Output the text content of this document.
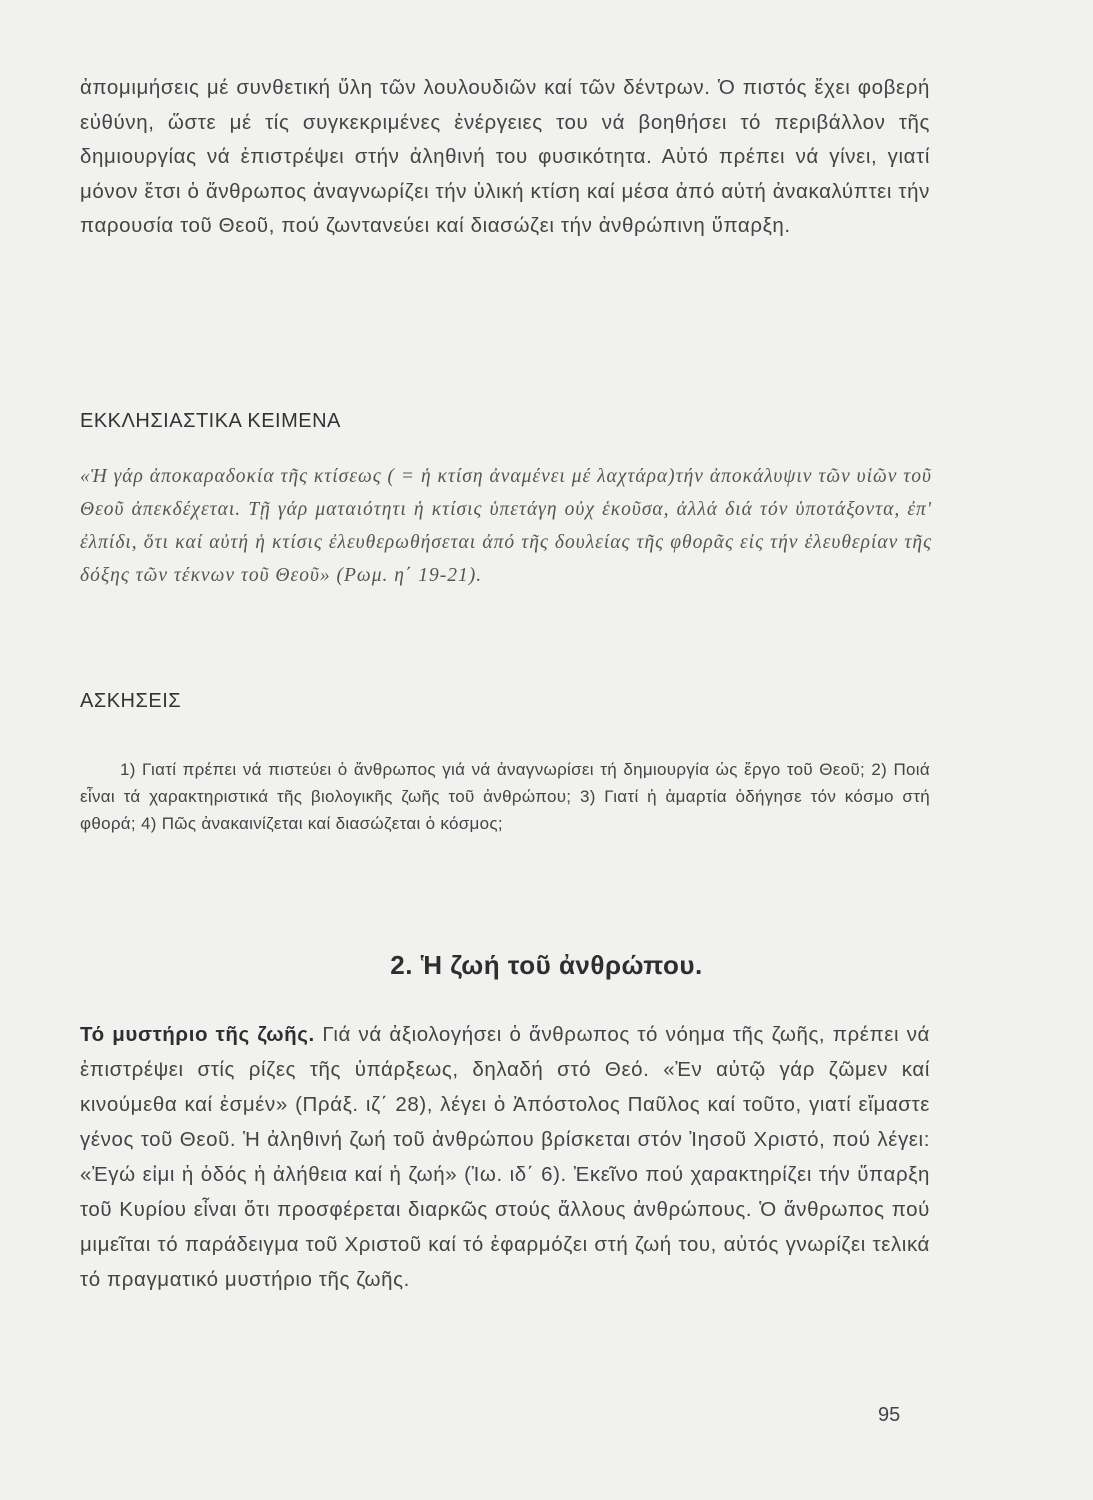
ἀπομιμήσεις μέ συνθετική ὕλη τῶν λουλουδιῶν καί τῶν δέντρων. Ὁ πιστός ἔχει φοβερή εὐθύνη, ὥστε μέ τίς συγκεκριμένες ἐνέργειες του νά βοηθήσει τό περιβάλλον τῆς δημιουργίας νά ἐπιστρέψει στήν ἀληθινή του φυσικότητα. Αὐτό πρέπει νά γίνει, γιατί μόνον ἔτσι ὁ ἄνθρωπος ἀναγνωρίζει τήν ὑλική κτίση καί μέσα ἀπό αὐτή ἀνακαλύπτει τήν παρουσία τοῦ Θεοῦ, πού ζωντανεύει καί διασώζει τήν ἀνθρώπινη ὕπαρξη.

ΕΚΚΛΗΣΙΑΣΤΙΚΑ ΚΕΙΜΕΝΑ

«Ἡ γάρ ἀποκαραδοκία τῆς κτίσεως ( = ἡ κτίση ἀναμένει μέ λαχτάρα)τήν ἀποκάλυψιν τῶν υἱῶν τοῦ Θεοῦ ἀπεκδέχεται. Τῇ γάρ ματαιότητι ἡ κτίσις ὑπετάγη οὐχ ἑκοῦσα, ἀλλά διά τόν ὑποτάξοντα, ἐπ' ἐλπίδι, ὅτι καί αὐτή ἡ κτίσις ἐλευθερωθήσεται ἀπό τῆς δουλείας τῆς φθορᾶς εἰς τήν ἐλευθερίαν τῆς δόξης τῶν τέκνων τοῦ Θεοῦ» (Ρωμ. η΄ 19-21).

ΑΣΚΗΣΕΙΣ

1) Γιατί πρέπει νά πιστεύει ὁ ἄνθρωπος γιά νά ἀναγνωρίσει τή δημιουργία ὡς ἔργο τοῦ Θεοῦ; 2) Ποιά εἶναι τά χαρακτηριστικά τῆς βιολογικῆς ζωῆς τοῦ ἀνθρώπου; 3) Γιατί ἡ ἁμαρτία ὁδήγησε τόν κόσμο στή φθορά; 4) Πῶς ἀνακαινίζεται καί διασώζεται ὁ κόσμος;

2. Ἡ ζωή τοῦ ἀνθρώπου.

Τό μυστήριο τῆς ζωῆς. Γιά νά ἀξιολογήσει ὁ ἄνθρωπος τό νόημα τῆς ζωῆς, πρέπει νά ἐπιστρέψει στίς ρίζες τῆς ὑπάρξεως, δηλαδή στό Θεό. «Ἐν αὐτῷ γάρ ζῶμεν καί κινούμεθα καί ἐσμέν» (Πράξ. ιζ΄ 28), λέγει ὁ Ἀπόστολος Παῦλος καί τοῦτο, γιατί εἴμαστε γένος τοῦ Θεοῦ. Ἡ ἀληθινή ζωή τοῦ ἀνθρώπου βρίσκεται στόν Ἰησοῦ Χριστό, πού λέγει: «Ἐγώ εἰμι ἡ ὁδός ἡ ἀλήθεια καί ἡ ζωή» (Ἰω. ιδ΄ 6). Ἐκεῖνο πού χαρακτηρίζει τήν ὕπαρξη τοῦ Κυρίου εἶναι ὅτι προσφέρεται διαρκῶς στούς ἄλλους ἀνθρώπους. Ὁ ἄνθρωπος πού μιμεῖται τό παράδειγμα τοῦ Χριστοῦ καί τό ἐφαρμόζει στή ζωή του, αὐτός γνωρίζει τελικά τό πραγματικό μυστήριο τῆς ζωῆς.

95
